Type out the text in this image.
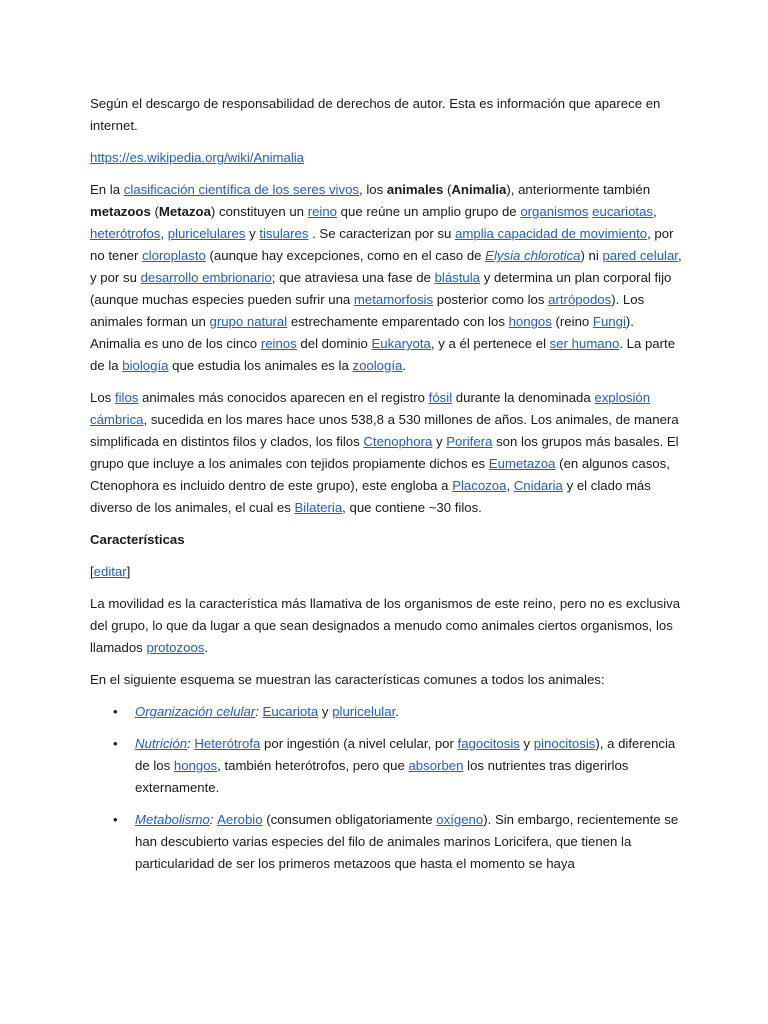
Según el descargo de responsabilidad de derechos de autor. Esta es información que aparece en internet.

https://es.wikipedia.org/wiki/Animalia

En la clasificación científica de los seres vivos, los animales (Animalia), anteriormente también metazoos (Metazoa) constituyen un reino que reúne un amplio grupo de organismos eucariotas, heterótrofos, pluricelulares y tisulares . Se caracterizan por su amplia capacidad de movimiento, por no tener cloroplasto (aunque hay excepciones, como en el caso de Elysia chlorotica) ni pared celular, y por su desarrollo embrionario; que atraviesa una fase de blástula y determina un plan corporal fijo (aunque muchas especies pueden sufrir una metamorfosis posterior como los artrópodos). Los animales forman un grupo natural estrechamente emparentado con los hongos (reino Fungi). Animalia es uno de los cinco reinos del dominio Eukaryota, y a él pertenece el ser humano. La parte de la biología que estudia los animales es la zoología.

Los filos animales más conocidos aparecen en el registro fósil durante la denominada explosión cámbrica, sucedida en los mares hace unos 538,8 a 530 millones de años. Los animales, de manera simplificada en distintos filos y clados, los filos Ctenophora y Porifera son los grupos más basales. El grupo que incluye a los animales con tejidos propiamente dichos es Eumetazoa (en algunos casos, Ctenophora es incluido dentro de este grupo), este engloba a Placozoa, Cnidaria y el clado más diverso de los animales, el cual es Bilateria, que contiene ~30 filos.

Características

[editar]

La movilidad es la característica más llamativa de los organismos de este reino, pero no es exclusiva del grupo, lo que da lugar a que sean designados a menudo como animales ciertos organismos, los llamados protozoos.

En el siguiente esquema se muestran las características comunes a todos los animales:

• Organización celular: Eucariota y pluricelular.
• Nutrición: Heterótrofa por ingestión (a nivel celular, por fagocitosis y pinocitosis), a diferencia de los hongos, también heterótrofos, pero que absorben los nutrientes tras digerirlos externamente.
• Metabolismo: Aerobio (consumen obligatoriamente oxígeno). Sin embargo, recientemente se han descubierto varias especies del filo de animales marinos Loricifera, que tienen la particularidad de ser los primeros metazoos que hasta el momento se haya
